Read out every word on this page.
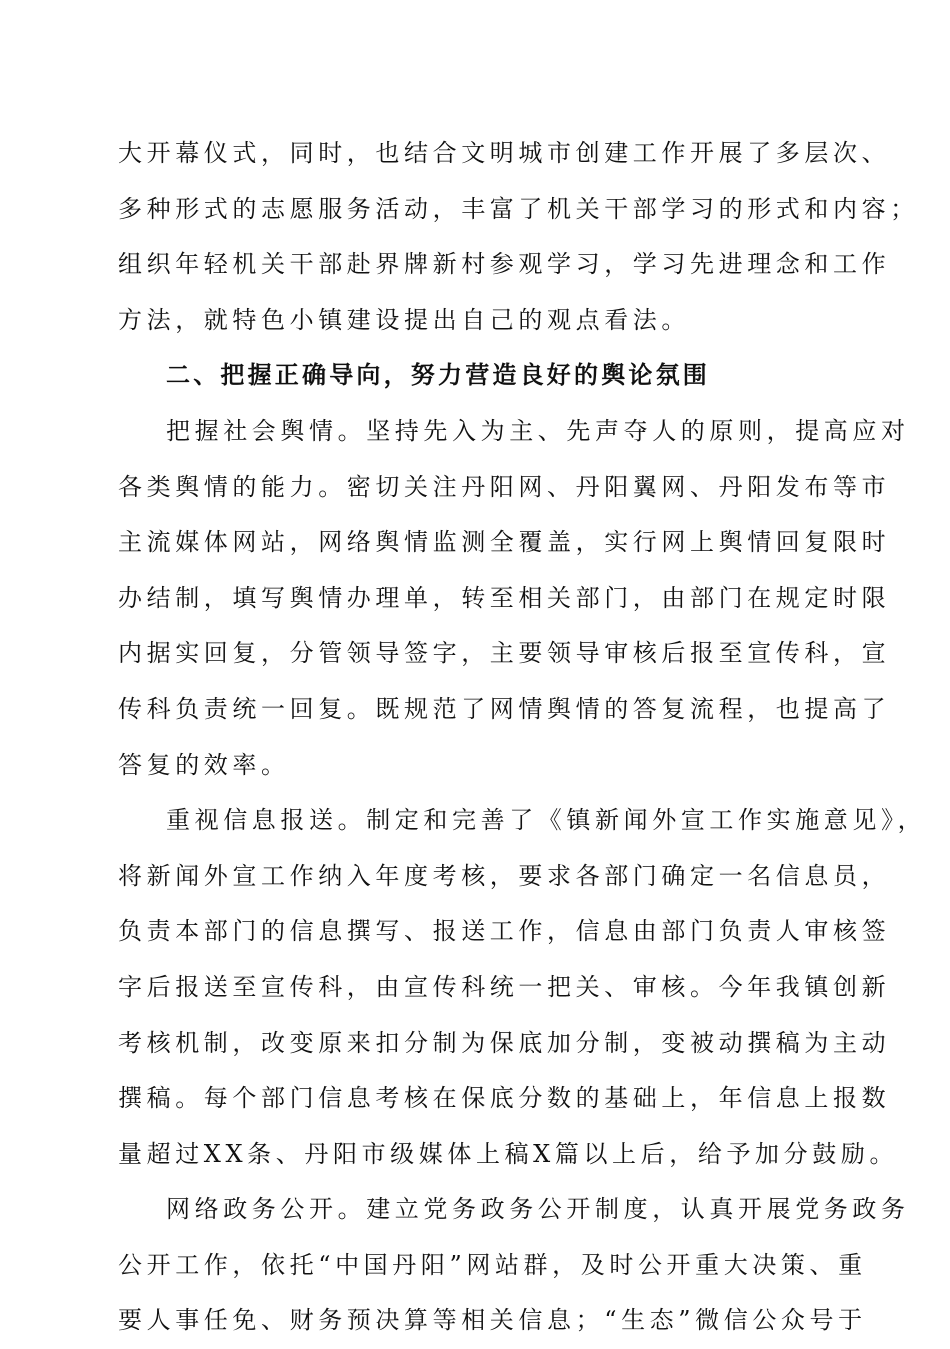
大开幕仪式，同时，也结合文明城市创建工作开展了多层次、

多种形式的志愿服务活动，丰富了机关干部学习的形式和内容；

组织年轻机关干部赴界牌新村参观学习，学习先进理念和工作

方法，就特色小镇建设提出自己的观点看法。

二、把握正确导向，努力营造良好的舆论氛围

把握社会舆情。坚持先入为主、先声夺人的原则，提高应对

各类舆情的能力。密切关注丹阳网、丹阳翼网、丹阳发布等市

主流媒体网站，网络舆情监测全覆盖，实行网上舆情回复限时

办结制，填写舆情办理单，转至相关部门，由部门在规定时限

内据实回复，分管领导签字，主要领导审核后报至宣传科，宣

传科负责统一回复。既规范了网情舆情的答复流程，也提高了

答复的效率。

重视信息报送。制定和完善了《镇新闻外宣工作实施意见》，

将新闻外宣工作纳入年度考核，要求各部门确定一名信息员，

负责本部门的信息撰写、报送工作，信息由部门负责人审核签

字后报送至宣传科，由宣传科统一把关、审核。今年我镇创新

考核机制，改变原来扣分制为保底加分制，变被动撰稿为主动

撰稿。每个部门信息考核在保底分数的基础上，年信息上报数

量超过XX条、丹阳市级媒体上稿X篇以上后，给予加分鼓励。

网络政务公开。建立党务政务公开制度，认真开展党务政务

公开工作，依托“中国丹阳”网站群，及时公开重大决策、重

要人事任免、财务预决算等相关信息；“生态”微信公众号于
